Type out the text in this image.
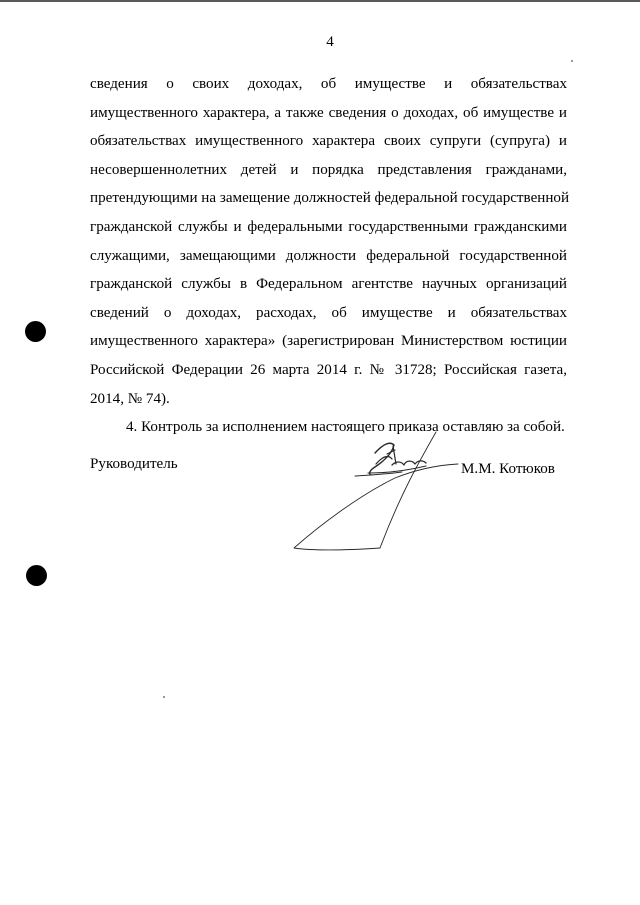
4
сведения о своих доходах, об имуществе и обязательствах
имущественного характера, а также сведения о доходах, об имуществе и
обязательствах имущественного характера своих супруги (супруга) и
несовершеннолетних детей и порядка представления гражданами,
претендующими на замещение должностей федеральной государственной
гражданской службы и федеральными государственными гражданскими
служащими, замещающими должности федеральной государственной
гражданской службы в Федеральном агентстве научных организаций
сведений о доходах, расходах, об имуществе и обязательствах
имущественного характера» (зарегистрирован Министерством юстиции
Российской Федерации 26 марта 2014 г. № 31728; Российская газета,
2014, № 74).
4. Контроль за исполнением настоящего приказа оставляю за собой.
Руководитель	М.М. Котюков
